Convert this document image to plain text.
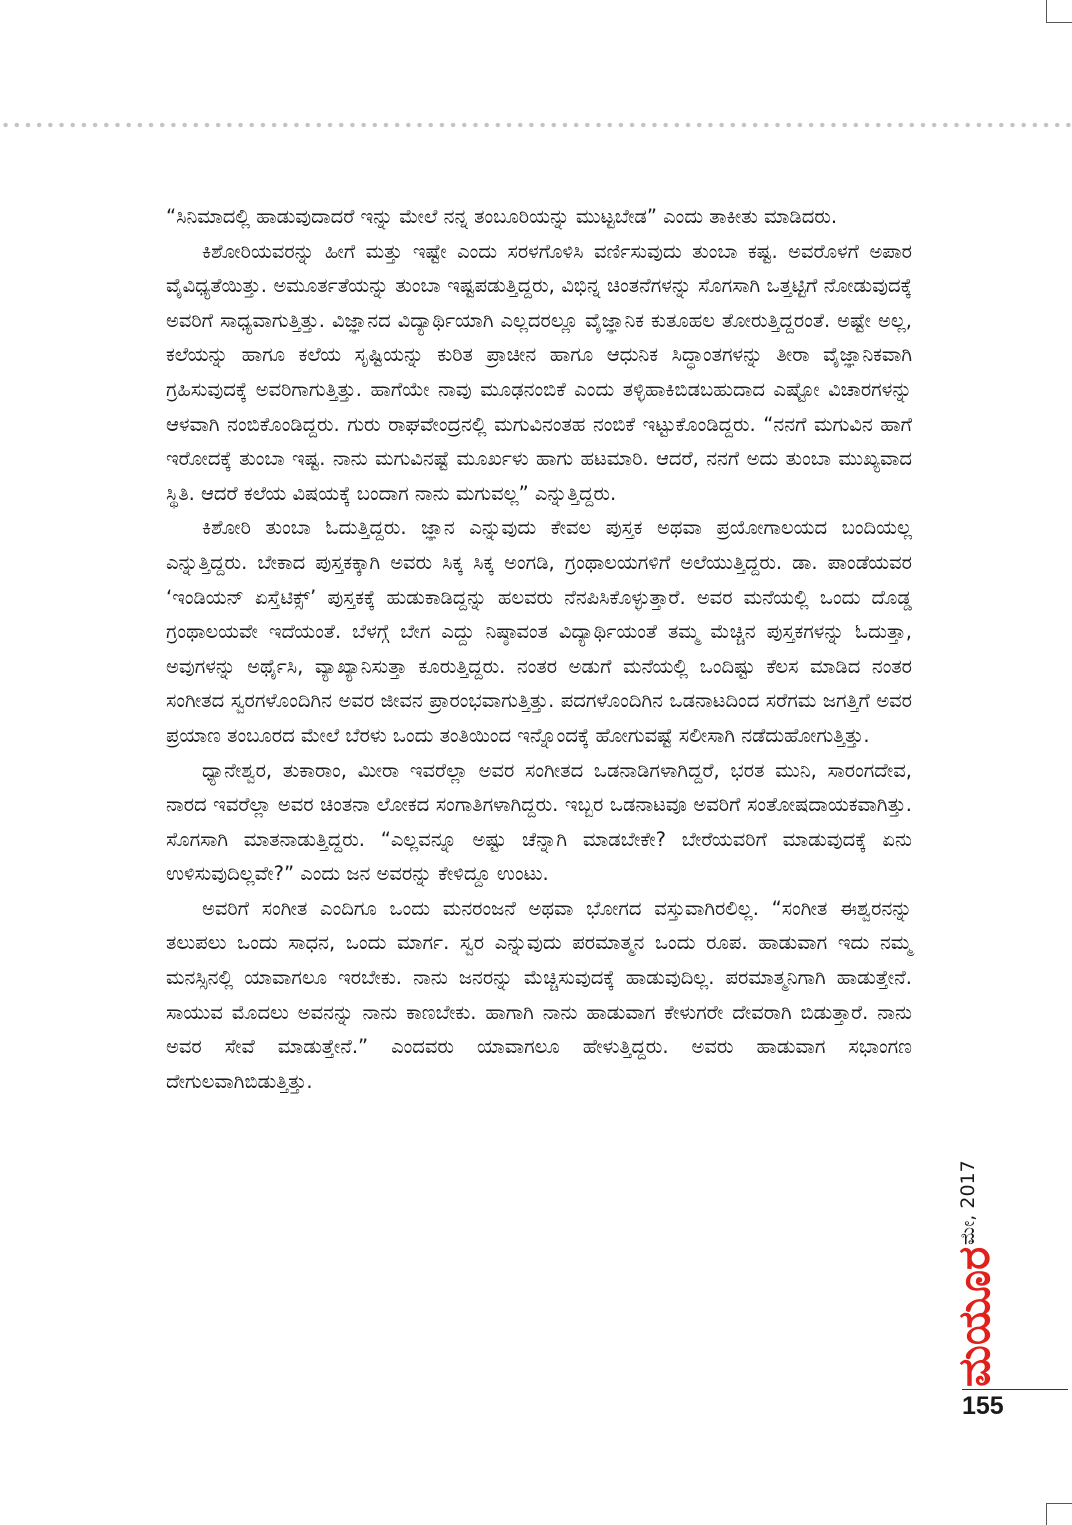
“ಸಿನಿಮಾದಲ್ಲಿ ಹಾಡುವುದಾದರೆ ಇನ್ನು ಮೇಲೆ ನನ್ನ ತಂಬೂರಿಯನ್ನು ಮುಟ್ಟಬೇಡ” ಎಂದು ತಾಕೀತು ಮಾಡಿದರು.

ಕಿಶೋರಿಯವರನ್ನು ಹೀಗೆ ಮತ್ತು ಇಷ್ಟೇ ಎಂದು ಸರಳಗೊಳಿಸಿ ವರ್ಣಿಸುವುದು ತುಂಬಾ ಕಷ್ಟ. ಅವರೊಳಗೆ ಅಪಾರ ವೈವಿಧ್ಯತೆಯಿತ್ತು. ಅಮೂರ್ತತೆಯನ್ನು ತುಂಬಾ ಇಷ್ಟಪಡುತ್ತಿದ್ದರು, ವಿಭಿನ್ನ ಚಿಂತನೆಗಳನ್ನು ಸೊಗಸಾಗಿ ಒತ್ತಟ್ಟಿಗೆ ನೋಡುವುದಕ್ಕೆ ಅವರಿಗೆ ಸಾಧ್ಯವಾಗುತ್ತಿತ್ತು. ವಿಜ್ಞಾನದ ವಿದ್ಯಾರ್ಥಿಯಾಗಿ ಎಲ್ಲದರಲ್ಲೂ ವೈಜ್ಞಾನಿಕ ಕುತೂಹಲ ತೋರುತ್ತಿದ್ದರಂತೆ. ಅಷ್ಟೇ ಅಲ್ಲ, ಕಲೆಯನ್ನು ಹಾಗೂ ಕಲೆಯ ಸೃಷ್ಟಿಯನ್ನು ಕುರಿತ ಪ್ರಾಚೀನ ಹಾಗೂ ಆಧುನಿಕ ಸಿದ್ಧಾಂತಗಳನ್ನು ತೀರಾ ವೈಜ್ಞಾನಿಕವಾಗಿ ಗ್ರಹಿಸುವುದಕ್ಕೆ ಅವರಿಗಾಗುತ್ತಿತ್ತು. ಹಾಗೆಯೇ ನಾವು ಮೂಢನಂಬಿಕೆ ಎಂದು ತಳ್ಳಿಹಾಕಿಬಿಡಬಹುದಾದ ಎಷ್ಟೋ ವಿಚಾರಗಳನ್ನು ಆಳವಾಗಿ ನಂಬಿಕೊಂಡಿದ್ದರು. ಗುರು ರಾಘವೇಂದ್ರನಲ್ಲಿ ಮಗುವಿನಂತಹ ನಂಬಿಕೆ ಇಟ್ಟುಕೊಂಡಿದ್ದರು. “ನನಗೆ ಮಗುವಿನ ಹಾಗೆ ಇರೋದಕ್ಕೆ ತುಂಬಾ ಇಷ್ಟ. ನಾನು ಮಗುವಿನಷ್ಟೆ ಮೂರ್ಖಳು ಹಾಗು ಹಟಮಾರಿ. ಆದರೆ, ನನಗೆ ಅದು ತುಂಬಾ ಮುಖ್ಯವಾದ ಸ್ಥಿತಿ. ಆದರೆ ಕಲೆಯ ವಿಷಯಕ್ಕೆ ಬಂದಾಗ ನಾನು ಮಗುವಲ್ಲ” ಎನ್ನುತ್ತಿದ್ದರು.

ಕಿಶೋರಿ ತುಂಬಾ ಓದುತ್ತಿದ್ದರು. ಜ್ಞಾನ ಎನ್ನುವುದು ಕೇವಲ ಪುಸ್ತಕ ಅಥವಾ ಪ್ರಯೋಗಾಲಯದ ಬಂದಿಯಲ್ಲ ಎನ್ನುತ್ತಿದ್ದರು. ಬೇಕಾದ ಪುಸ್ತಕಕ್ಕಾಗಿ ಅವರು ಸಿಕ್ಕ ಸಿಕ್ಕ ಅಂಗಡಿ, ಗ್ರಂಥಾಲಯಗಳಿಗೆ ಅಲೆಯುತ್ತಿದ್ದರು. ಡಾ. ಪಾಂಡೆಯವರ ‘ಇಂಡಿಯನ್ ಏಸ್ತೆಟಿಕ್ಸ್’ ಪುಸ್ತಕಕ್ಕೆ ಹುಡುಕಾಡಿದ್ದನ್ನು ಹಲವರು ನೆನಪಿಸಿಕೊಳ್ಳುತ್ತಾರೆ. ಅವರ ಮನೆಯಲ್ಲಿ ಒಂದು ದೊಡ್ಡ ಗ್ರಂಥಾಲಯವೇ ಇದೆಯಂತೆ. ಬೆಳಗ್ಗೆ ಬೇಗ ಎದ್ದು ನಿಷ್ಠಾವಂತ ವಿದ್ಯಾರ್ಥಿಯಂತೆ ತಮ್ಮ ಮೆಚ್ಚಿನ ಪುಸ್ತಕಗಳನ್ನು ಓದುತ್ತಾ, ಅವುಗಳನ್ನು ಅರ್ಥೈಸಿ, ವ್ಯಾಖ್ಯಾನಿಸುತ್ತಾ ಕೂರುತ್ತಿದ್ದರು. ನಂತರ ಅಡುಗೆ ಮನೆಯಲ್ಲಿ ಒಂದಿಷ್ಟು ಕೆಲಸ ಮಾಡಿದ ನಂತರ ಸಂಗೀತದ ಸ್ವರಗಳೊಂದಿಗಿನ ಅವರ ಜೀವನ ಪ್ರಾರಂಭವಾಗುತ್ತಿತ್ತು. ಪದಗಳೊಂದಿಗಿನ ಒಡನಾಟದಿಂದ ಸರೆಗಮ ಜಗತ್ತಿಗೆ ಅವರ ಪ್ರಯಾಣ ತಂಬೂರದ ಮೇಲೆ ಬೆರಳು ಒಂದು ತಂತಿಯಿಂದ ಇನ್ನೊಂದಕ್ಕೆ ಹೋಗುವಷ್ಟೆ ಸಲೀಸಾಗಿ ನಡೆದುಹೋಗುತ್ತಿತ್ತು.

ಧ್ಯಾನೇಶ್ವರ, ತುಕಾರಾಂ, ಮೀರಾ ಇವರೆಲ್ಲಾ ಅವರ ಸಂಗೀತದ ಒಡನಾಡಿಗಳಾಗಿದ್ದರೆ, ಭರತ ಮುನಿ, ಸಾರಂಗದೇವ, ನಾರದ ಇವರೆಲ್ಲಾ ಅವರ ಚಿಂತನಾ ಲೋಕದ ಸಂಗಾತಿಗಳಾಗಿದ್ದರು. ಇಬ್ಬರ ಒಡನಾಟವೂ ಅವರಿಗೆ ಸಂತೋಷದಾಯಕವಾಗಿತ್ತು. ಸೊಗಸಾಗಿ ಮಾತನಾಡುತ್ತಿದ್ದರು. “ಎಲ್ಲವನ್ನೂ ಅಷ್ಟು ಚೆನ್ನಾಗಿ ಮಾಡಬೇಕೇ? ಬೇರೆಯವರಿಗೆ ಮಾಡುವುದಕ್ಕೆ ಏನು ಉಳಿಸುವುದಿಲ್ಲವೇ?” ಎಂದು ಜನ ಅವರನ್ನು ಕೇಳಿದ್ದೂ ಉಂಟು.

ಅವರಿಗೆ ಸಂಗೀತ ಎಂದಿಗೂ ಒಂದು ಮನರಂಜನೆ ಅಥವಾ ಭೋಗದ ವಸ್ತುವಾಗಿರಲಿಲ್ಲ. “ಸಂಗೀತ ಈಶ್ವರನನ್ನು ತಲುಪಲು ಒಂದು ಸಾಧನ, ಒಂದು ಮಾರ್ಗ. ಸ್ವರ ಎನ್ನುವುದು ಪರಮಾತ್ಮನ ಒಂದು ರೂಪ. ಹಾಡುವಾಗ ಇದು ನಮ್ಮ ಮನಸ್ಸಿನಲ್ಲಿ ಯಾವಾಗಲೂ ಇರಬೇಕು. ನಾನು ಜನರನ್ನು ಮೆಚ್ಚಿಸುವುದಕ್ಕೆ ಹಾಡುವುದಿಲ್ಲ. ಪರಮಾತ್ಮನಿಗಾಗಿ ಹಾಡುತ್ತೇನೆ. ಸಾಯುವ ಮೊದಲು ಅವನನ್ನು ನಾನು ಕಾಣಬೇಕು. ಹಾಗಾಗಿ ನಾನು ಹಾಡುವಾಗ ಕೇಳುಗರೇ ದೇವರಾಗಿ ಬಿಡುತ್ತಾರೆ. ನಾನು ಅವರ ಸೇವೆ ಮಾಡುತ್ತೇನೆ.” ಎಂದವರು ಯಾವಾಗಲೂ ಹೇಳುತ್ತಿದ್ದರು. ಅವರು ಹಾಡುವಾಗ ಸಭಾಂಗಣ ದೇಗುಲವಾಗಿಬಿಡುತ್ತಿತ್ತು.

ಮೇ, 2017
ಮಯೂರ
155
